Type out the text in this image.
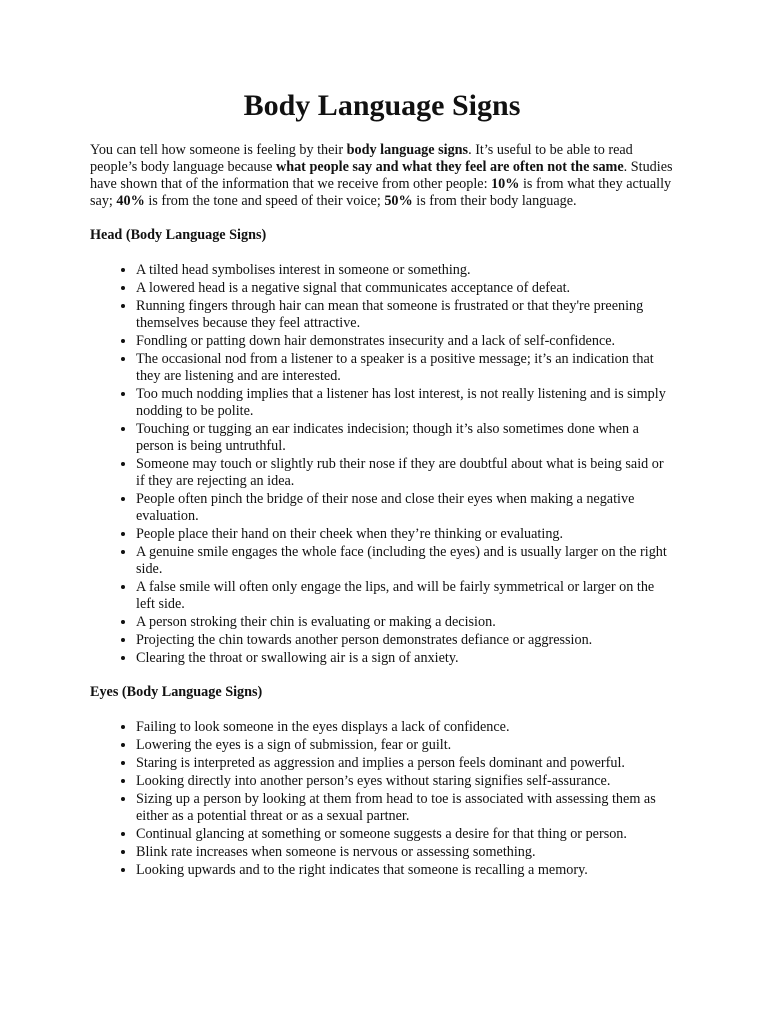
Body Language Signs

You can tell how someone is feeling by their body language signs. It’s useful to be able to read people’s body language because what people say and what they feel are often not the same. Studies have shown that of the information that we receive from other people: 10% is from what they actually say; 40% is from the tone and speed of their voice; 50% is from their body language.

Head (Body Language Signs)

• A tilted head symbolises interest in someone or something.
• A lowered head is a negative signal that communicates acceptance of defeat.
• Running fingers through hair can mean that someone is frustrated or that they're preening themselves because they feel attractive.
• Fondling or patting down hair demonstrates insecurity and a lack of self-confidence.
• The occasional nod from a listener to a speaker is a positive message; it’s an indication that they are listening and are interested.
• Too much nodding implies that a listener has lost interest, is not really listening and is simply nodding to be polite.
• Touching or tugging an ear indicates indecision; though it’s also sometimes done when a person is being untruthful.
• Someone may touch or slightly rub their nose if they are doubtful about what is being said or if they are rejecting an idea.
• People often pinch the bridge of their nose and close their eyes when making a negative evaluation.
• People place their hand on their cheek when they’re thinking or evaluating.
• A genuine smile engages the whole face (including the eyes) and is usually larger on the right side.
• A false smile will often only engage the lips, and will be fairly symmetrical or larger on the left side.
• A person stroking their chin is evaluating or making a decision.
• Projecting the chin towards another person demonstrates defiance or aggression.
• Clearing the throat or swallowing air is a sign of anxiety.

Eyes (Body Language Signs)

• Failing to look someone in the eyes displays a lack of confidence.
• Lowering the eyes is a sign of submission, fear or guilt.
• Staring is interpreted as aggression and implies a person feels dominant and powerful.
• Looking directly into another person’s eyes without staring signifies self-assurance.
• Sizing up a person by looking at them from head to toe is associated with assessing them as either as a potential threat or as a sexual partner.
• Continual glancing at something or someone suggests a desire for that thing or person.
• Blink rate increases when someone is nervous or assessing something.
• Looking upwards and to the right indicates that someone is recalling a memory.
